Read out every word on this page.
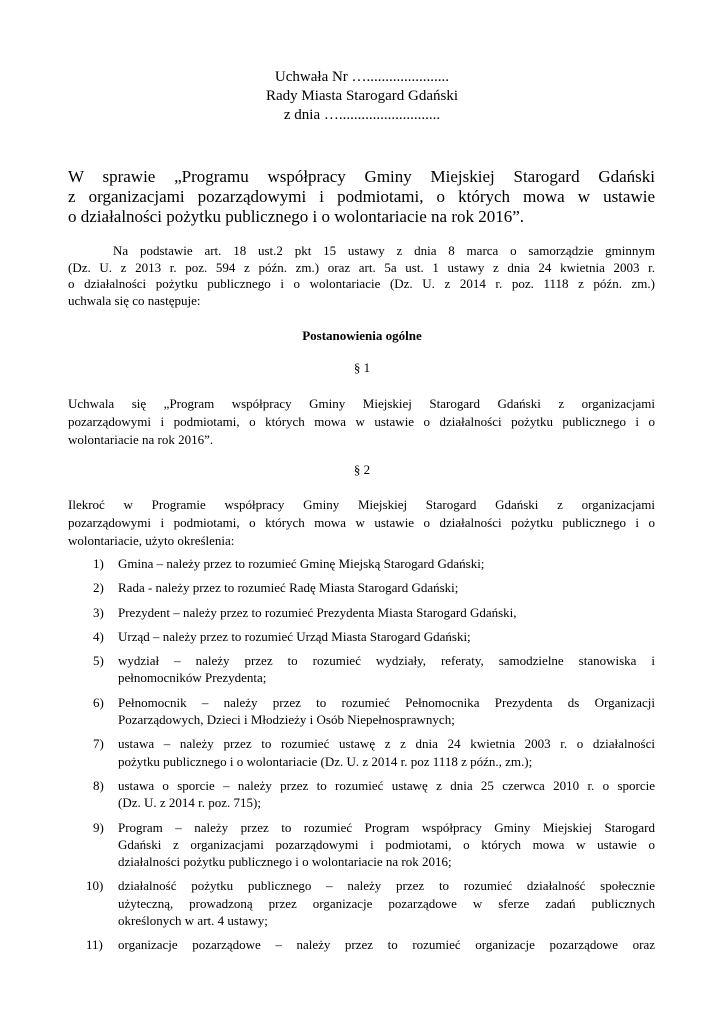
Uchwała Nr …......................
Rady Miasta Starogard Gdański
z dnia …...........................
W sprawie „Programu współpracy Gminy Miejskiej Starogard Gdański
z organizacjami pozarządowymi i podmiotami, o których mowa w ustawie
o działalności pożytku publicznego i o wolontariacie na rok 2016”.
Na podstawie art. 18 ust.2 pkt 15 ustawy z dnia 8 marca o samorządzie gminnym
(Dz. U. z 2013 r. poz. 594 z późn. zm.) oraz art. 5a ust. 1 ustawy z dnia 24 kwietnia 2003 r.
o działalności pożytku publicznego i o wolontariacie (Dz. U. z 2014 r. poz. 1118 z późn. zm.)
uchwala się co następuje:
Postanowienia ogólne
§ 1
Uchwala się „Program współpracy Gminy Miejskiej Starogard Gdański z organizacjami
pozarządowymi i podmiotami, o których mowa w ustawie o działalności pożytku publicznego i o
wolontariacie na rok 2016”.
§ 2
Ilekroć w Programie współpracy Gminy Miejskiej Starogard Gdański z organizacjami
pozarządowymi i podmiotami, o których mowa w ustawie o działalności pożytku publicznego i o
wolontariacie, użyto określenia:
1) Gmina – należy przez to rozumieć Gminę Miejską Starogard Gdański;
2) Rada - należy przez to rozumieć Radę Miasta Starogard Gdański;
3) Prezydent – należy przez to rozumieć Prezydenta Miasta Starogard Gdański,
4) Urząd – należy przez to rozumieć Urząd Miasta Starogard Gdański;
5) wydział – należy przez to rozumieć wydziały, referaty, samodzielne stanowiska i
pełnomocników Prezydenta;
6) Pełnomocnik – należy przez to rozumieć Pełnomocnika Prezydenta ds Organizacji
Pozarządowych, Dzieci i Młodzieży i Osób Niepełnosprawnych;
7) ustawa – należy przez to rozumieć ustawę z z dnia 24 kwietnia 2003 r. o działalności
pożytku publicznego i o wolontariacie (Dz. U. z 2014 r. poz 1118 z późn., zm.);
8) ustawa o sporcie – należy przez to rozumieć ustawę z dnia 25 czerwca 2010 r. o sporcie
(Dz. U. z 2014 r. poz. 715);
9) Program – należy przez to rozumieć Program współpracy Gminy Miejskiej Starogard
Gdański z organizacjami pozarządowymi i podmiotami, o których mowa w ustawie o
działalności pożytku publicznego i o wolontariacie na rok 2016;
10) działalność pożytku publicznego – należy przez to rozumieć działalność społecznie
użyteczną, prowadzoną przez organizacje pozarządowe w sferze zadań publicznych
określonych w art. 4 ustawy;
11) organizacje pozarządowe – należy przez to rozumieć organizacje pozarządowe oraz
